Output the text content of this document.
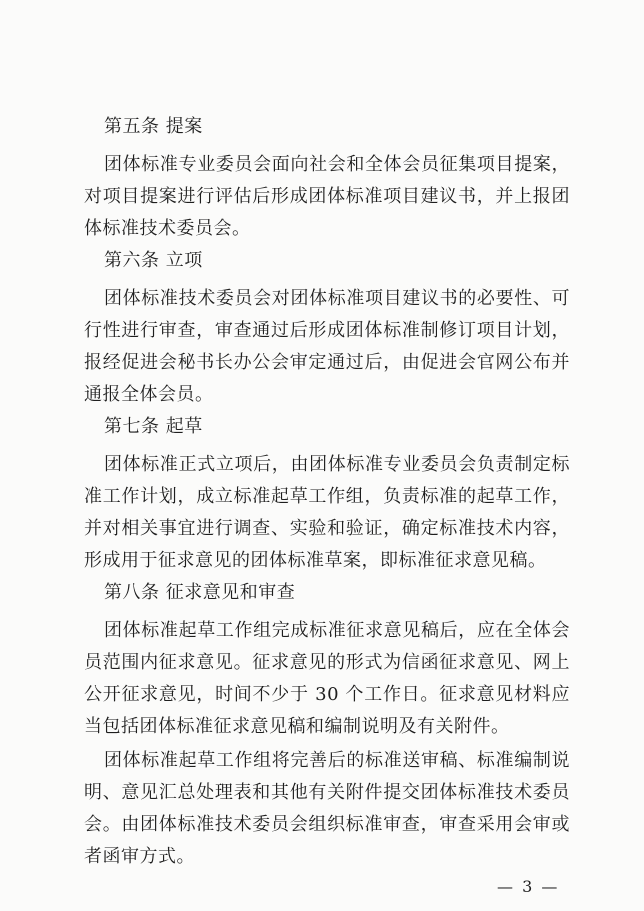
第五条 提案
团体标准专业委员会面向社会和全体会员征集项目提案，对项目提案进行评估后形成团体标准项目建议书，并上报团体标准技术委员会。
第六条 立项
团体标准技术委员会对团体标准项目建议书的必要性、可行性进行审查，审查通过后形成团体标准制修订项目计划，报经促进会秘书长办公会审定通过后，由促进会官网公布并通报全体会员。
第七条 起草
团体标准正式立项后，由团体标准专业委员会负责制定标准工作计划，成立标准起草工作组，负责标准的起草工作，并对相关事宜进行调查、实验和验证，确定标准技术内容，形成用于征求意见的团体标准草案，即标准征求意见稿。
第八条 征求意见和审查
团体标准起草工作组完成标准征求意见稿后，应在全体会员范围内征求意见。征求意见的形式为信函征求意见、网上公开征求意见，时间不少于 30 个工作日。征求意见材料应当包括团体标准征求意见稿和编制说明及有关附件。
团体标准起草工作组将完善后的标准送审稿、标准编制说明、意见汇总处理表和其他有关附件提交团体标准技术委员会。由团体标准技术委员会组织标准审查，审查采用会审或者函审方式。
— 3 —
